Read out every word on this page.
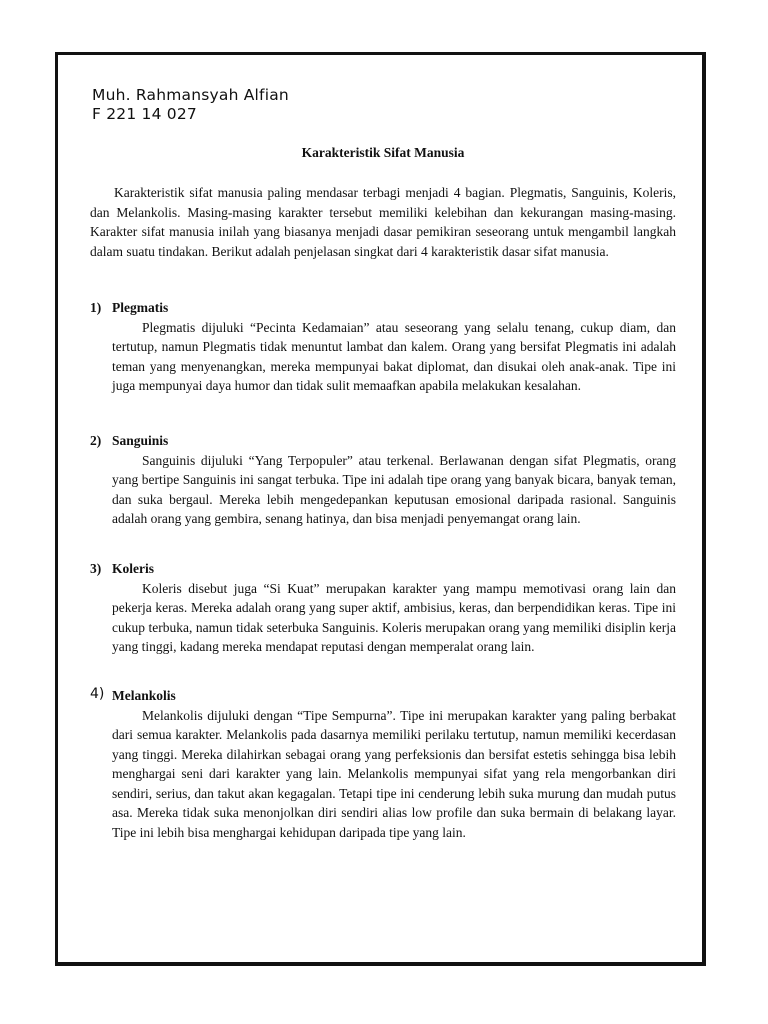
Muh. Rahmansyah Alfian
F 221 14 027
Karakteristik Sifat Manusia

Karakteristik sifat manusia paling mendasar terbagi menjadi 4 bagian. Plegmatis, Sanguinis, Koleris, dan Melankolis. Masing-masing karakter tersebut memiliki kelebihan dan kekurangan masing-masing. Karakter sifat manusia inilah yang biasanya menjadi dasar pemikiran seseorang untuk mengambil langkah dalam suatu tindakan. Berikut adalah penjelasan singkat dari 4 karakteristik dasar sifat manusia.

1) Plegmatis
Plegmatis dijuluki “Pecinta Kedamaian” atau seseorang yang selalu tenang, cukup diam, dan tertutup, namun Plegmatis tidak menuntut lambat dan kalem. Orang yang bersifat Plegmatis ini adalah teman yang menyenangkan, mereka mempunyai bakat diplomat, dan disukai oleh anak-anak. Tipe ini juga mempunyai daya humor dan tidak sulit memaafkan apabila melakukan kesalahan.
2) Sanguinis
Sanguinis dijuluki “Yang Terpopuler” atau terkenal. Berlawanan dengan sifat Plegmatis, orang yang bertipe Sanguinis ini sangat terbuka. Tipe ini adalah tipe orang yang banyak bicara, banyak teman, dan suka bergaul. Mereka lebih mengedepankan keputusan emosional daripada rasional. Sanguinis adalah orang yang gembira, senang hatinya, dan bisa menjadi penyemangat orang lain.
3) Koleris
Koleris disebut juga “Si Kuat” merupakan karakter yang mampu memotivasi orang lain dan pekerja keras. Mereka adalah orang yang super aktif, ambisius, keras, dan berpendidikan keras. Tipe ini cukup terbuka, namun tidak seterbuka Sanguinis. Koleris merupakan orang yang memiliki disiplin kerja yang tinggi, kadang mereka mendapat reputasi dengan memperalat orang lain.
4) Melankolis
Melankolis dijuluki dengan “Tipe Sempurna”. Tipe ini merupakan karakter yang paling berbakat dari semua karakter. Melankolis pada dasarnya memiliki perilaku tertutup, namun memiliki kecerdasan yang tinggi. Mereka dilahirkan sebagai orang yang perfeksionis dan bersifat estetis sehingga bisa lebih menghargai seni dari karakter yang lain. Melankolis mempunyai sifat yang rela mengorbankan diri sendiri, serius, dan takut akan kegagalan. Tetapi tipe ini cenderung lebih suka murung dan mudah putus asa. Mereka tidak suka menonjolkan diri sendiri alias low profile dan suka bermain di belakang layar. Tipe ini lebih bisa menghargai kehidupan daripada tipe yang lain.
